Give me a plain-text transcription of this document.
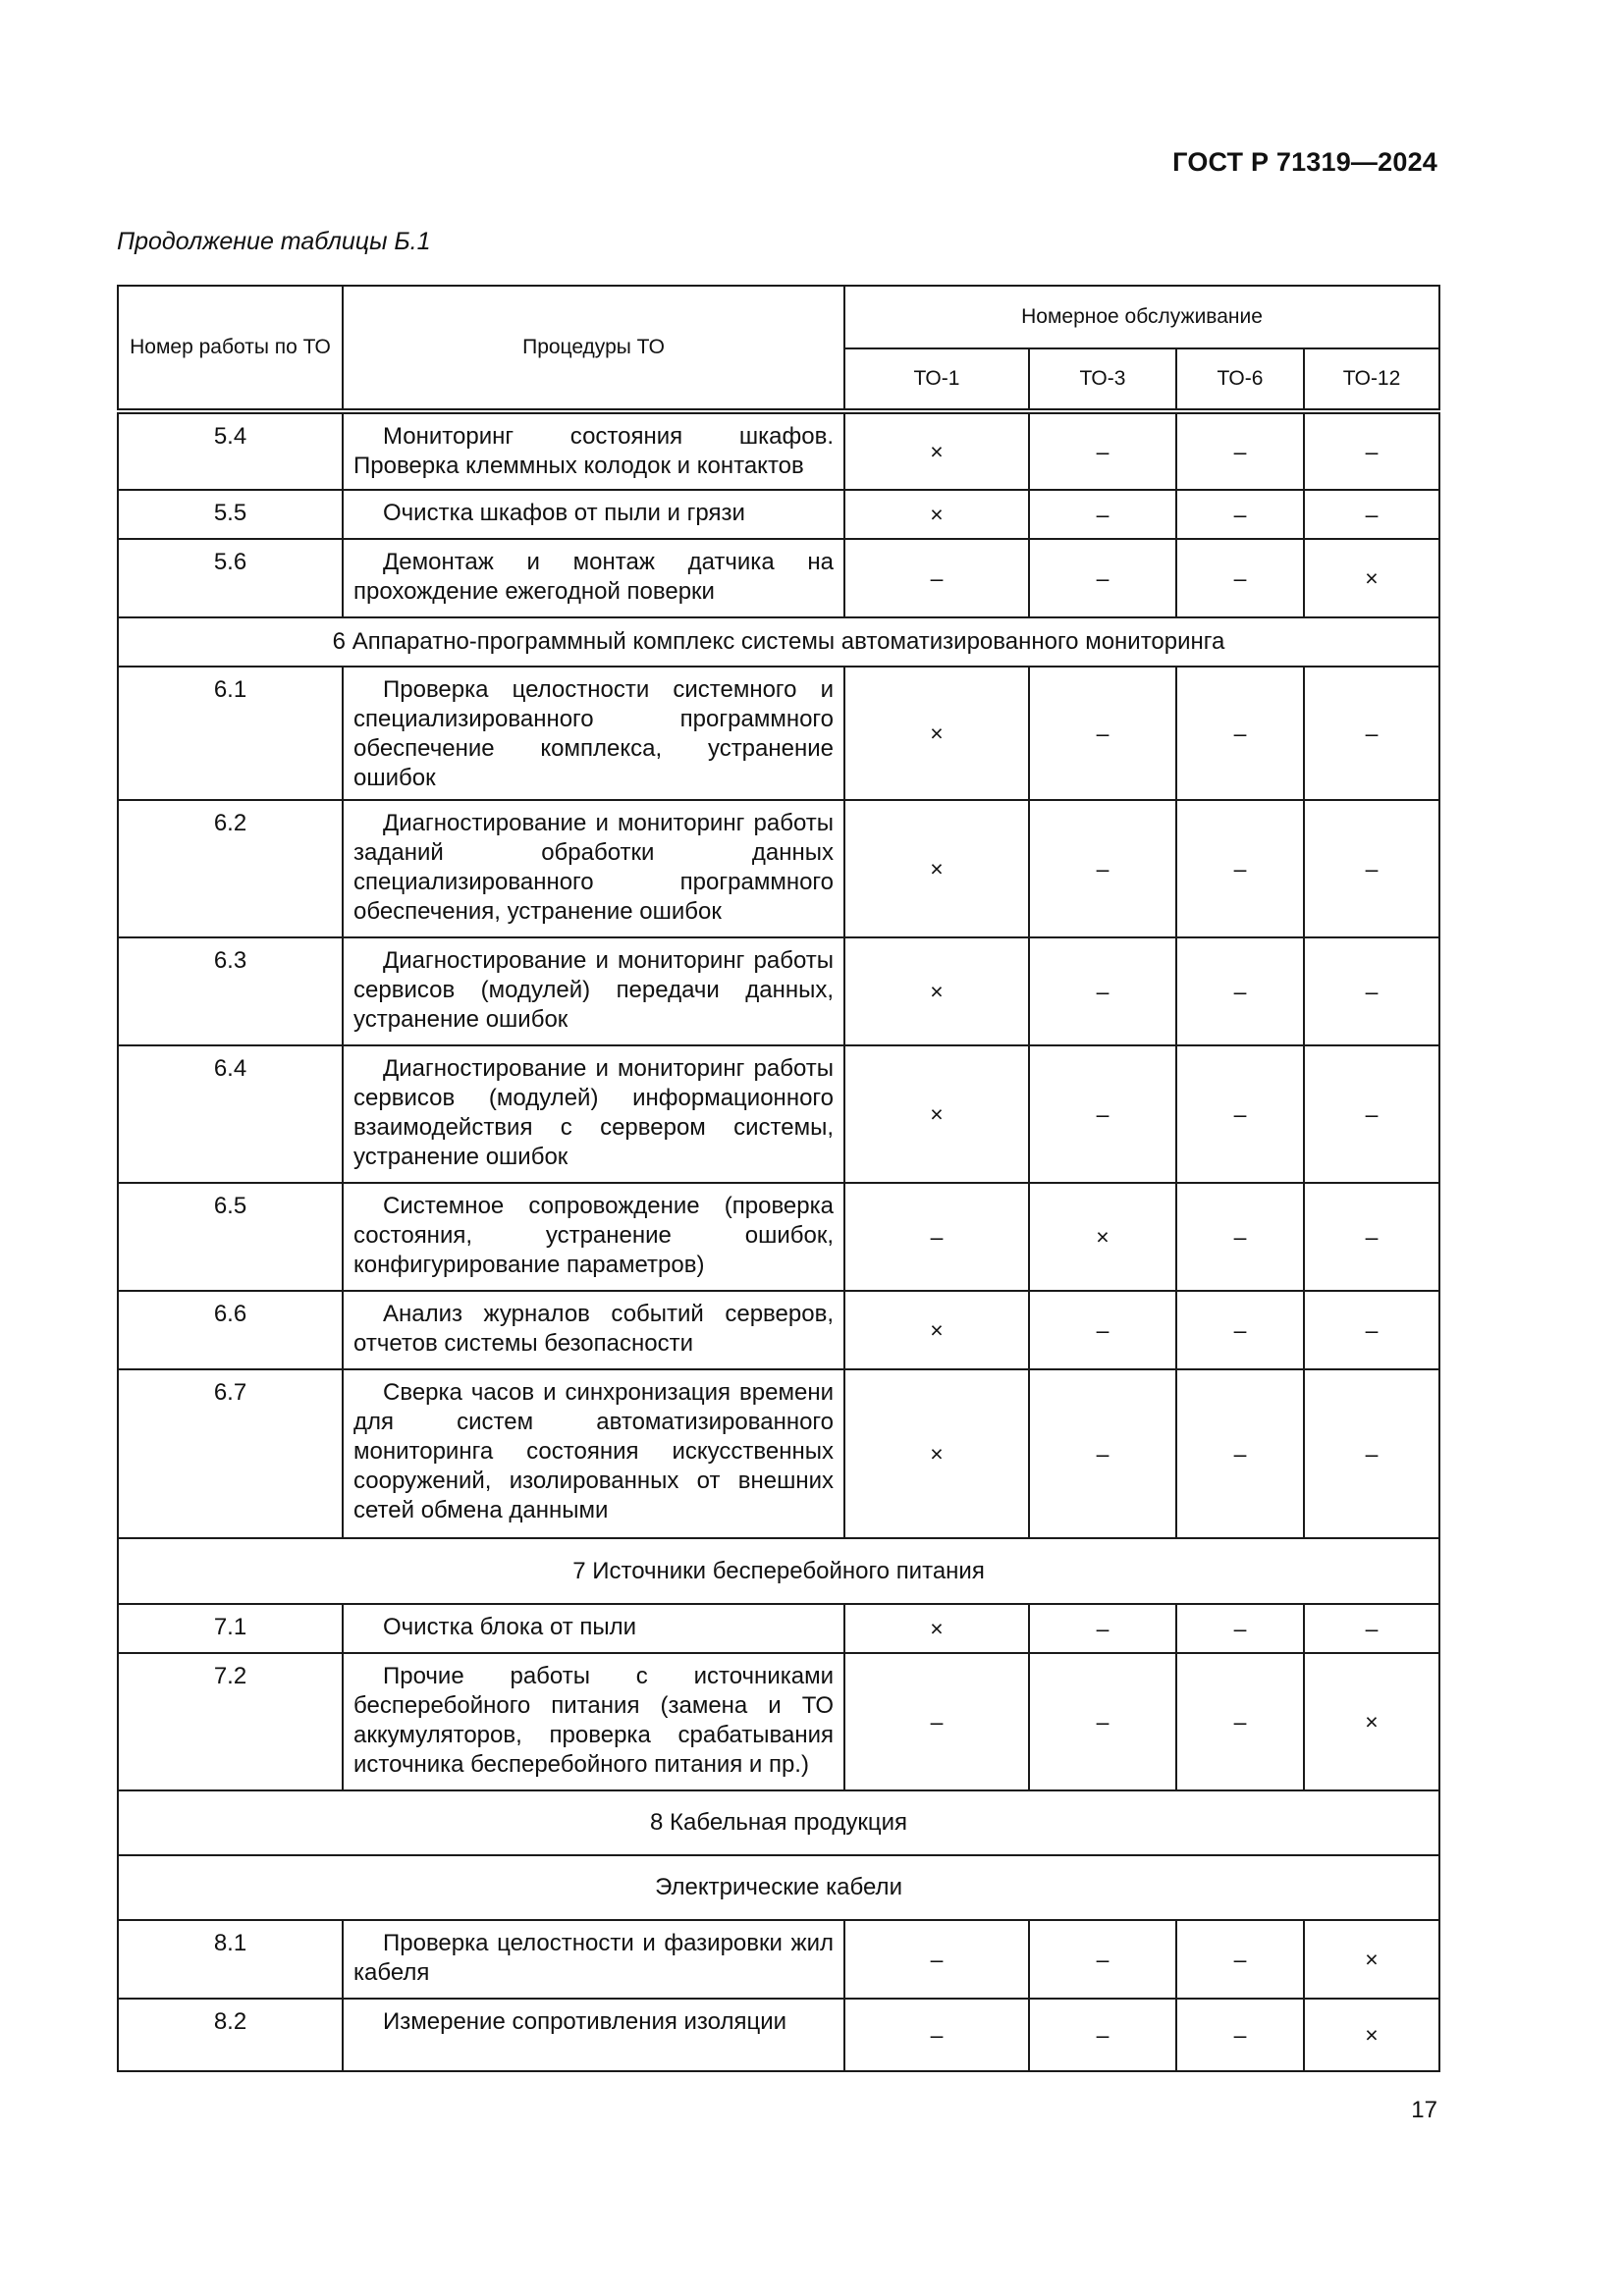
ГОСТ Р 71319—2024
Продолжение таблицы Б.1
Номер работы по ТО	Процедуры ТО	Номерное обслуживание			
		ТО-1	ТО-3	ТО-6	ТО-12
5.4	Мониторинг состояния шкафов. Проверка клеммных колодок и контактов	×	–	–	–
5.5	Очистка шкафов от пыли и грязи	×	–	–	–
5.6	Демонтаж и монтаж датчика на прохождение ежегодной поверки	–	–	–	×
6 Аппаратно-программный комплекс системы автоматизированного мониторинга					
6.1	Проверка целостности системного и специализированного программного обеспечение комплекса, устранение ошибок	×	–	–	–
6.2	Диагностирование и мониторинг работы заданий обработки данных специализированного программного обеспечения, устранение ошибок	×	–	–	–
6.3	Диагностирование и мониторинг работы сервисов (модулей) передачи данных, устранение ошибок	×	–	–	–
6.4	Диагностирование и мониторинг работы сервисов (модулей) информационного взаимодействия с сервером системы, устранение ошибок	×	–	–	–
6.5	Системное сопровождение (проверка состояния, устранение ошибок, конфигурирование параметров)	–	×	–	–
6.6	Анализ журналов событий серверов, отчетов системы безопасности	×	–	–	–
6.7	Сверка часов и синхронизация времени для систем автоматизированного мониторинга состояния искусственных сооружений, изолированных от внешних сетей обмена данными	×	–	–	–
7 Источники бесперебойного питания					
7.1	Очистка блока от пыли	×	–	–	–
7.2	Прочие работы с источниками бесперебойного питания (замена и ТО аккумуляторов, проверка срабатывания источника бесперебойного питания и пр.)	–	–	–	×
8 Кабельная продукция					
Электрические кабели					
8.1	Проверка целостности и фазировки жил кабеля	–	–	–	×
8.2	Измерение сопротивления изоляции	–	–	–	×
17
